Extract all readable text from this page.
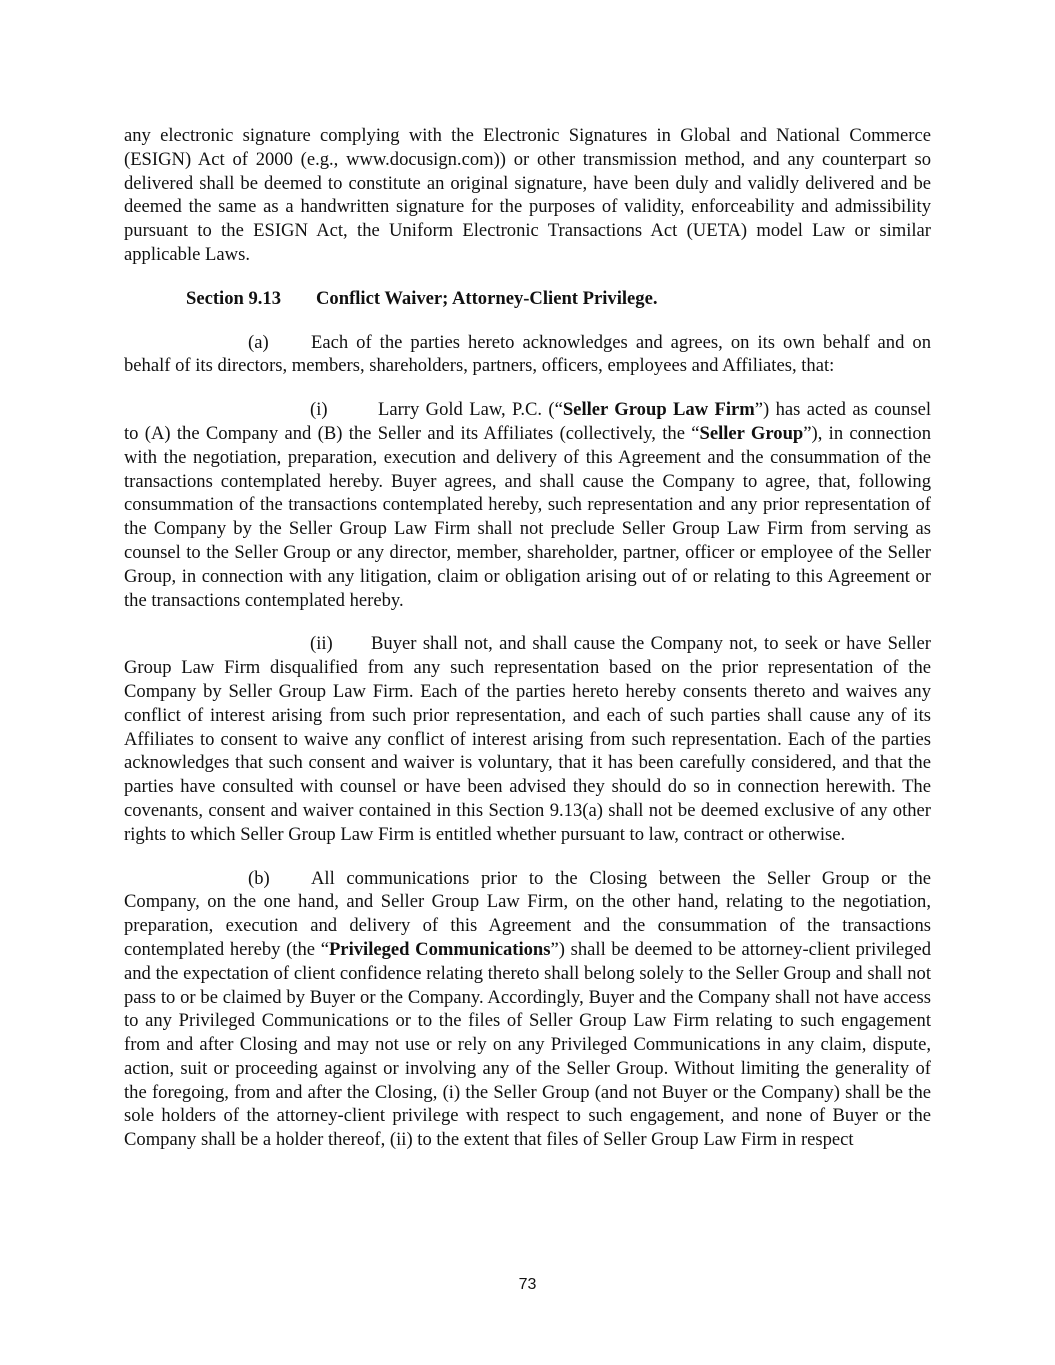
any electronic signature complying with the Electronic Signatures in Global and National Commerce (ESIGN) Act of 2000 (e.g., www.docusign.com)) or other transmission method, and any counterpart so delivered shall be deemed to constitute an original signature, have been duly and validly delivered and be deemed the same as a handwritten signature for the purposes of validity, enforceability and admissibility pursuant to the ESIGN Act, the Uniform Electronic Transactions Act (UETA) model Law or similar applicable Laws.

Section 9.13 Conflict Waiver; Attorney-Client Privilege.

(a) Each of the parties hereto acknowledges and agrees, on its own behalf and on behalf of its directors, members, shareholders, partners, officers, employees and Affiliates, that:

(i)	Larry Gold Law, P.C. (“Seller Group Law Firm”) has acted as counsel to (A) the Company and (B) the Seller and its Affiliates (collectively, the “Seller Group”), in connection with the negotiation, preparation, execution and delivery of this Agreement and the consummation of the transactions contemplated hereby. Buyer agrees, and shall cause the Company to agree, that, following consummation of the transactions contemplated hereby, such representation and any prior representation of the Company by the Seller Group Law Firm shall not preclude Seller Group Law Firm from serving as counsel to the Seller Group or any director, member, shareholder, partner, officer or employee of the Seller Group, in connection with any litigation, claim or obligation arising out of or relating to this Agreement or the transactions contemplated hereby.

(ii) Buyer shall not, and shall cause the Company not, to seek or have Seller Group Law Firm disqualified from any such representation based on the prior representation of the Company by Seller Group Law Firm. Each of the parties hereto hereby consents thereto and waives any conflict of interest arising from such prior representation, and each of such parties shall cause any of its Affiliates to consent to waive any conflict of interest arising from such representation. Each of the parties acknowledges that such consent and waiver is voluntary, that it has been carefully considered, and that the parties have consulted with counsel or have been advised they should do so in connection herewith. The covenants, consent and waiver contained in this Section 9.13(a) shall not be deemed exclusive of any other rights to which Seller Group Law Firm is entitled whether pursuant to law, contract or otherwise.

(b) All communications prior to the Closing between the Seller Group or the Company, on the one hand, and Seller Group Law Firm, on the other hand, relating to the negotiation, preparation, execution and delivery of this Agreement and the consummation of the transactions contemplated hereby (the “Privileged Communications”) shall be deemed to be attorney-client privileged and the expectation of client confidence relating thereto shall belong solely to the Seller Group and shall not pass to or be claimed by Buyer or the Company. Accordingly, Buyer and the Company shall not have access to any Privileged Communications or to the files of Seller Group Law Firm relating to such engagement from and after Closing and may not use or rely on any Privileged Communications in any claim, dispute, action, suit or proceeding against or involving any of the Seller Group. Without limiting the generality of the foregoing, from and after the Closing, (i) the Seller Group (and not Buyer or the Company) shall be the sole holders of the attorney-client privilege with respect to such engagement, and none of Buyer or the Company shall be a holder thereof, (ii) to the extent that files of Seller Group Law Firm in respect

73
